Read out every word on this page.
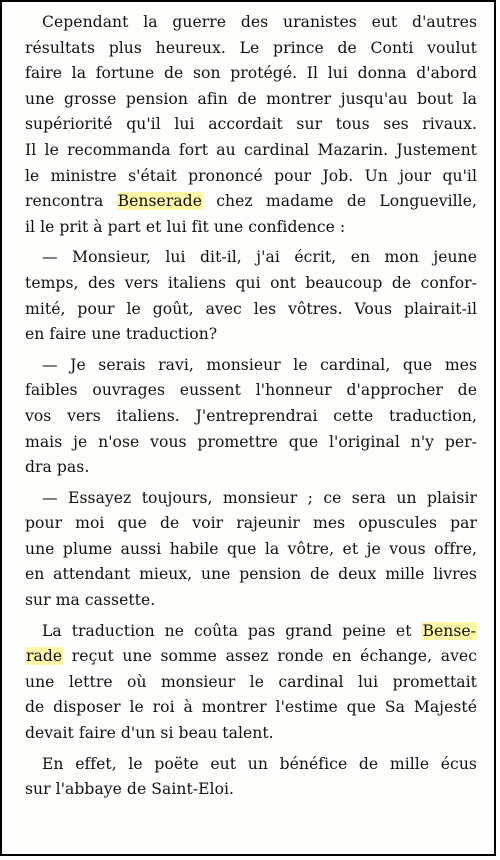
Cependant la guerre des uranistes eut d'autres
résultats plus heureux. Le prince de Conti voulut
faire la fortune de son protégé. Il lui donna d'abord
une grosse pension afin de montrer jusqu'au bout la
supériorité qu'il lui accordait sur tous ses rivaux.
Il le recommanda fort au cardinal Mazarin. Justement
le ministre s'était prononcé pour Job. Un jour qu'il
rencontra Benserade chez madame de Longueville,
il le prit à part et lui fit une confidence :
— Monsieur, lui dit-il, j'ai écrit, en mon jeune
temps, des vers italiens qui ont beaucoup de confor-
mité, pour le goût, avec les vôtres. Vous plairait-il
en faire une traduction?
— Je serais ravi, monsieur le cardinal, que mes
faibles ouvrages eussent l'honneur d'approcher de
vos vers italiens. J'entreprendrai cette traduction,
mais je n'ose vous promettre que l'original n'y per-
dra pas.
— Essayez toujours, monsieur ; ce sera un plaisir
pour moi que de voir rajeunir mes opuscules par
une plume aussi habile que la vôtre, et je vous offre,
en attendant mieux, une pension de deux mille livres
sur ma cassette.
La traduction ne coûta pas grand peine et Bense-
rade reçut une somme assez ronde en échange, avec
une lettre où monsieur le cardinal lui promettait
de disposer le roi à montrer l'estime que Sa Majesté
devait faire d'un si beau talent.
En effet, le poëte eut un bénéfice de mille écus
sur l'abbaye de Saint-Eloi.
